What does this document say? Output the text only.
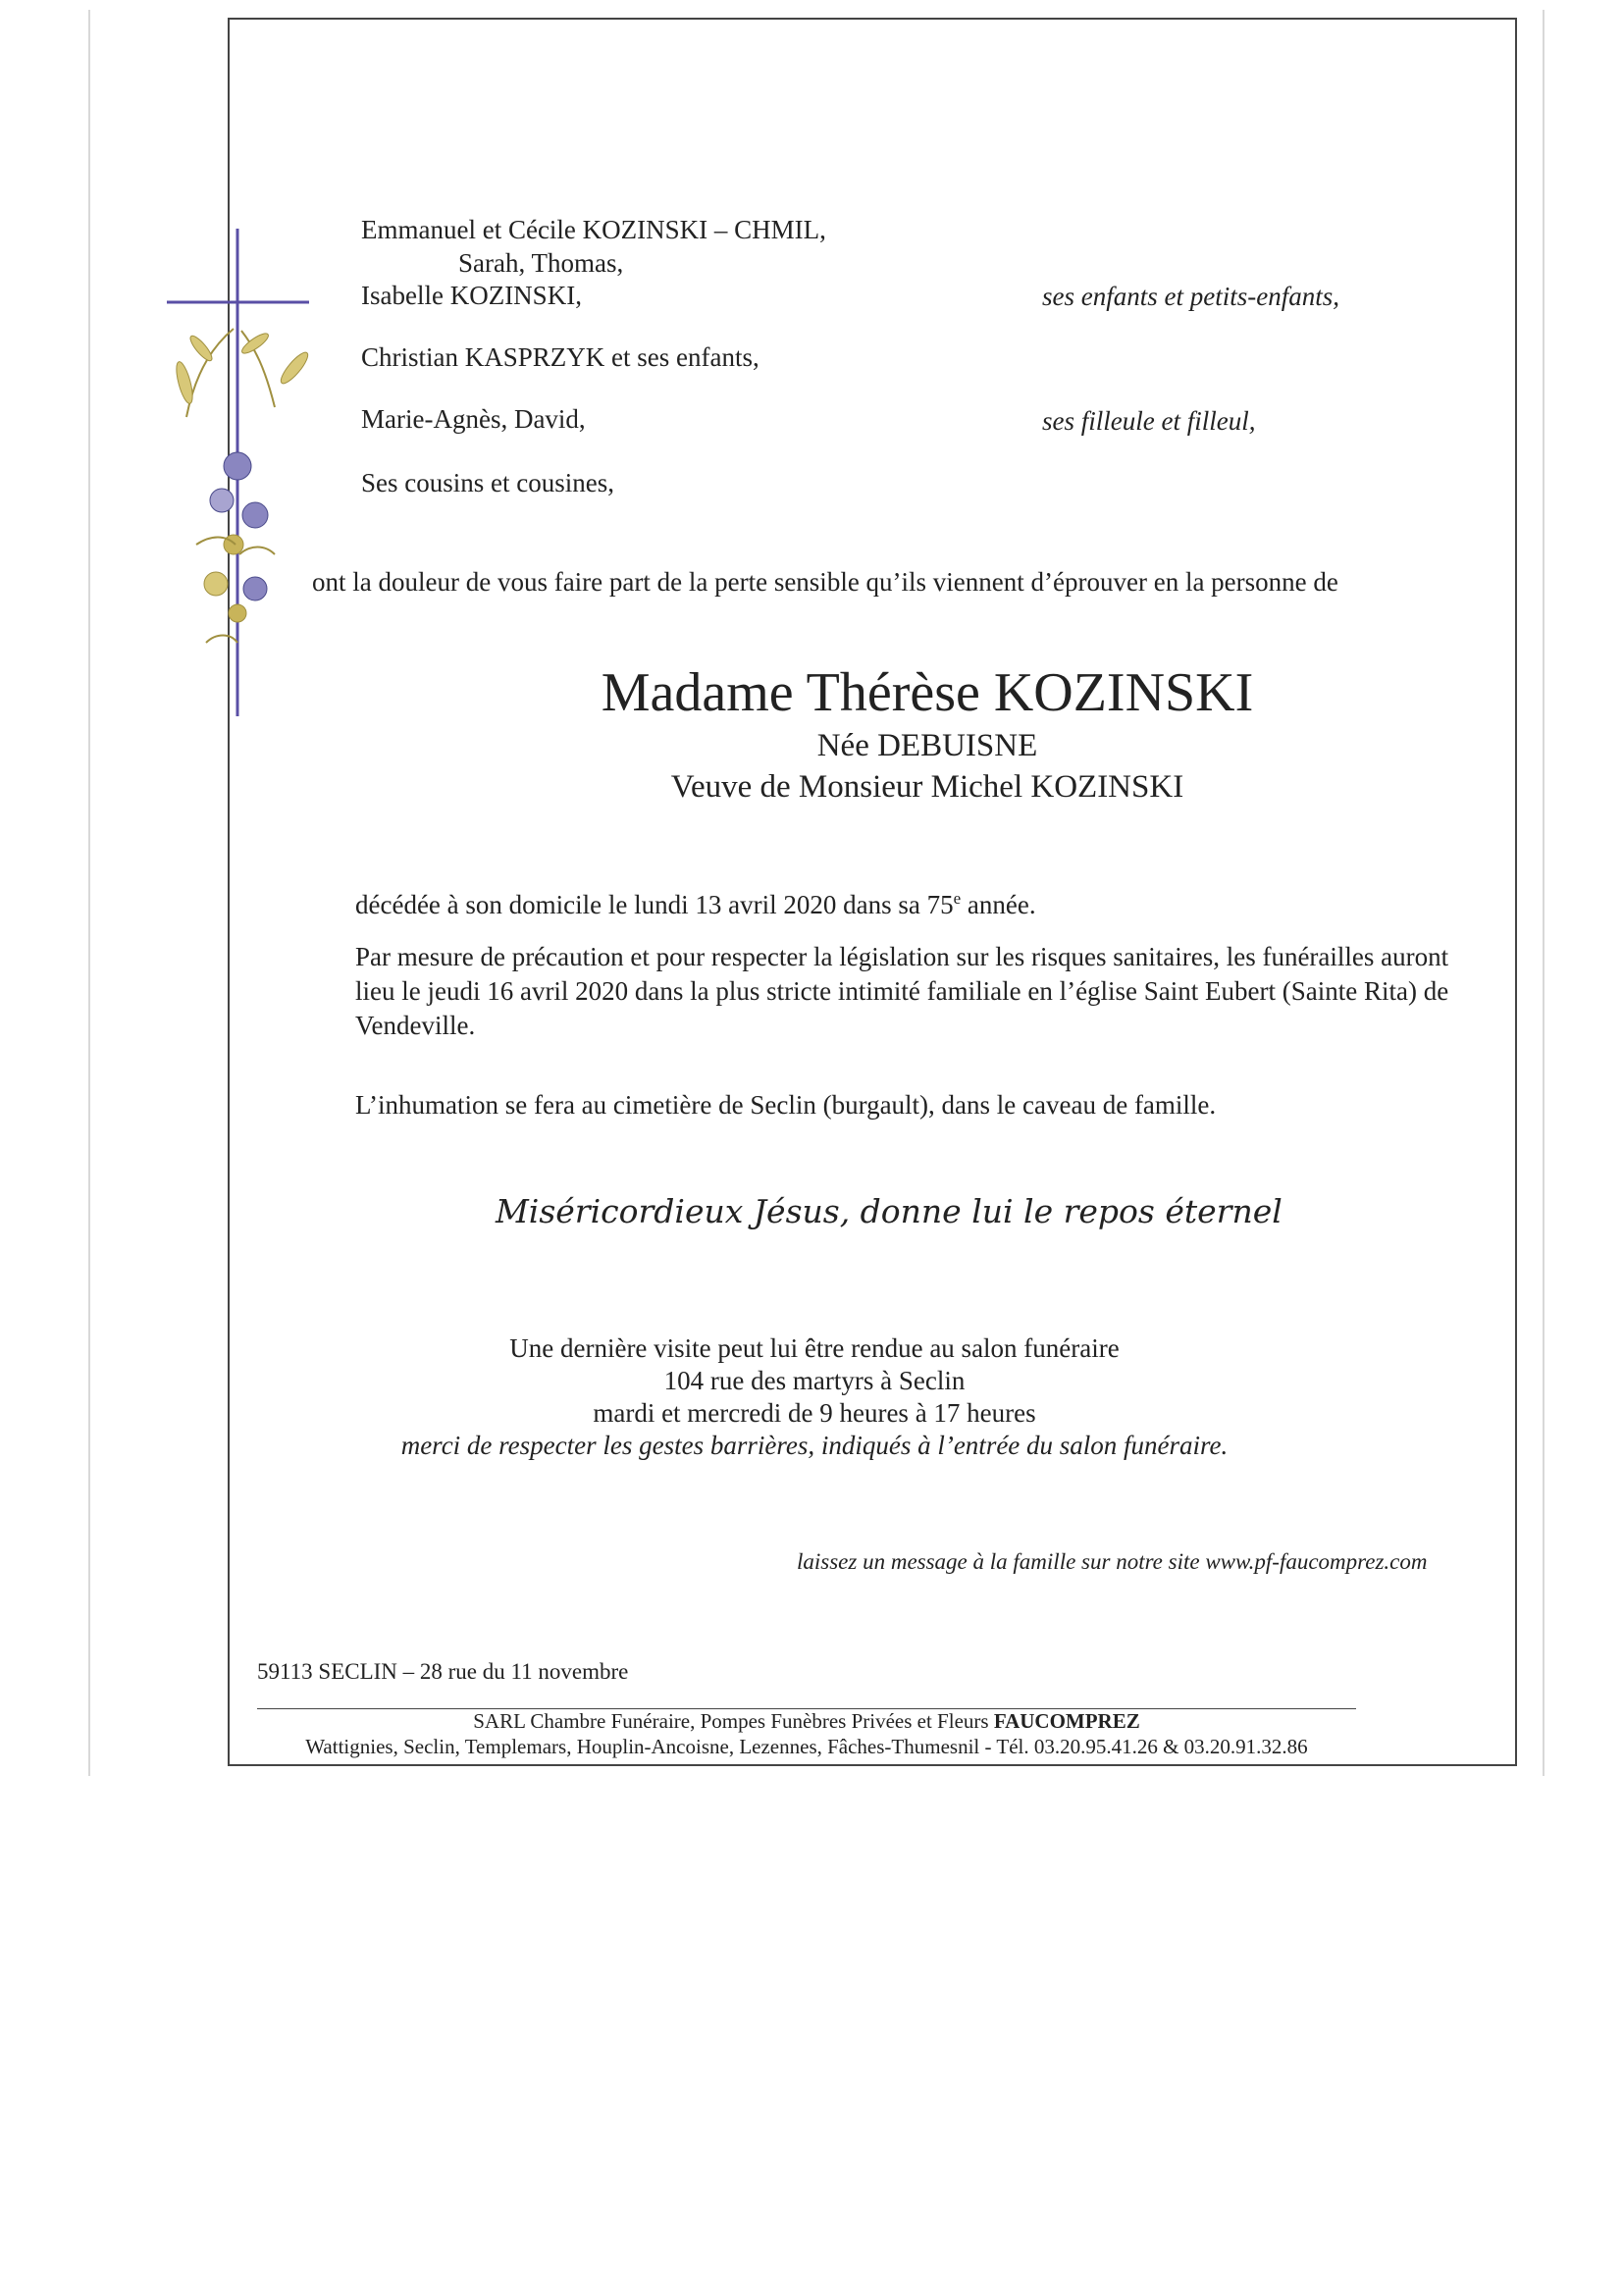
Emmanuel et Cécile KOZINSKI – CHMIL,
Sarah, Thomas,
Isabelle KOZINSKI,	ses enfants et petits-enfants,
Christian KASPRZYK et ses enfants,
Marie-Agnès, David,	ses filleule et filleul,
Ses cousins et cousines,
ont la douleur de vous faire part de la perte sensible qu’ils viennent d’éprouver en la personne de
Madame Thérèse KOZINSKI
Née DEBUISNE
Veuve de Monsieur Michel KOZINSKI
décédée à son domicile le lundi 13 avril 2020 dans sa 75e année.
Par mesure de précaution et pour respecter la législation sur les risques sanitaires, les funérailles auront lieu le jeudi 16 avril 2020 dans la plus stricte intimité familiale en l’église Saint Eubert (Sainte Rita) de Vendeville.
L’inhumation se fera au cimetière de Seclin (burgault), dans le caveau de famille.
Miséricordieux Jésus, donne lui le repos éternel
Une dernière visite peut lui être rendue au salon funéraire
104 rue des martyrs à Seclin
mardi et mercredi de 9 heures à 17 heures
merci de respecter les gestes barrières, indiqués à l’entrée du salon funéraire.
laissez un message à la famille sur notre site www.pf-faucomprez.com
59113 SECLIN – 28 rue du 11 novembre
SARL Chambre Funéraire, Pompes Funèbres Privées et Fleurs FAUCOMPREZ
Wattignies, Seclin, Templemars, Houplin-Ancoisne, Lezennes, Fâches-Thumesnil - Tél. 03.20.95.41.26 & 03.20.91.32.86
